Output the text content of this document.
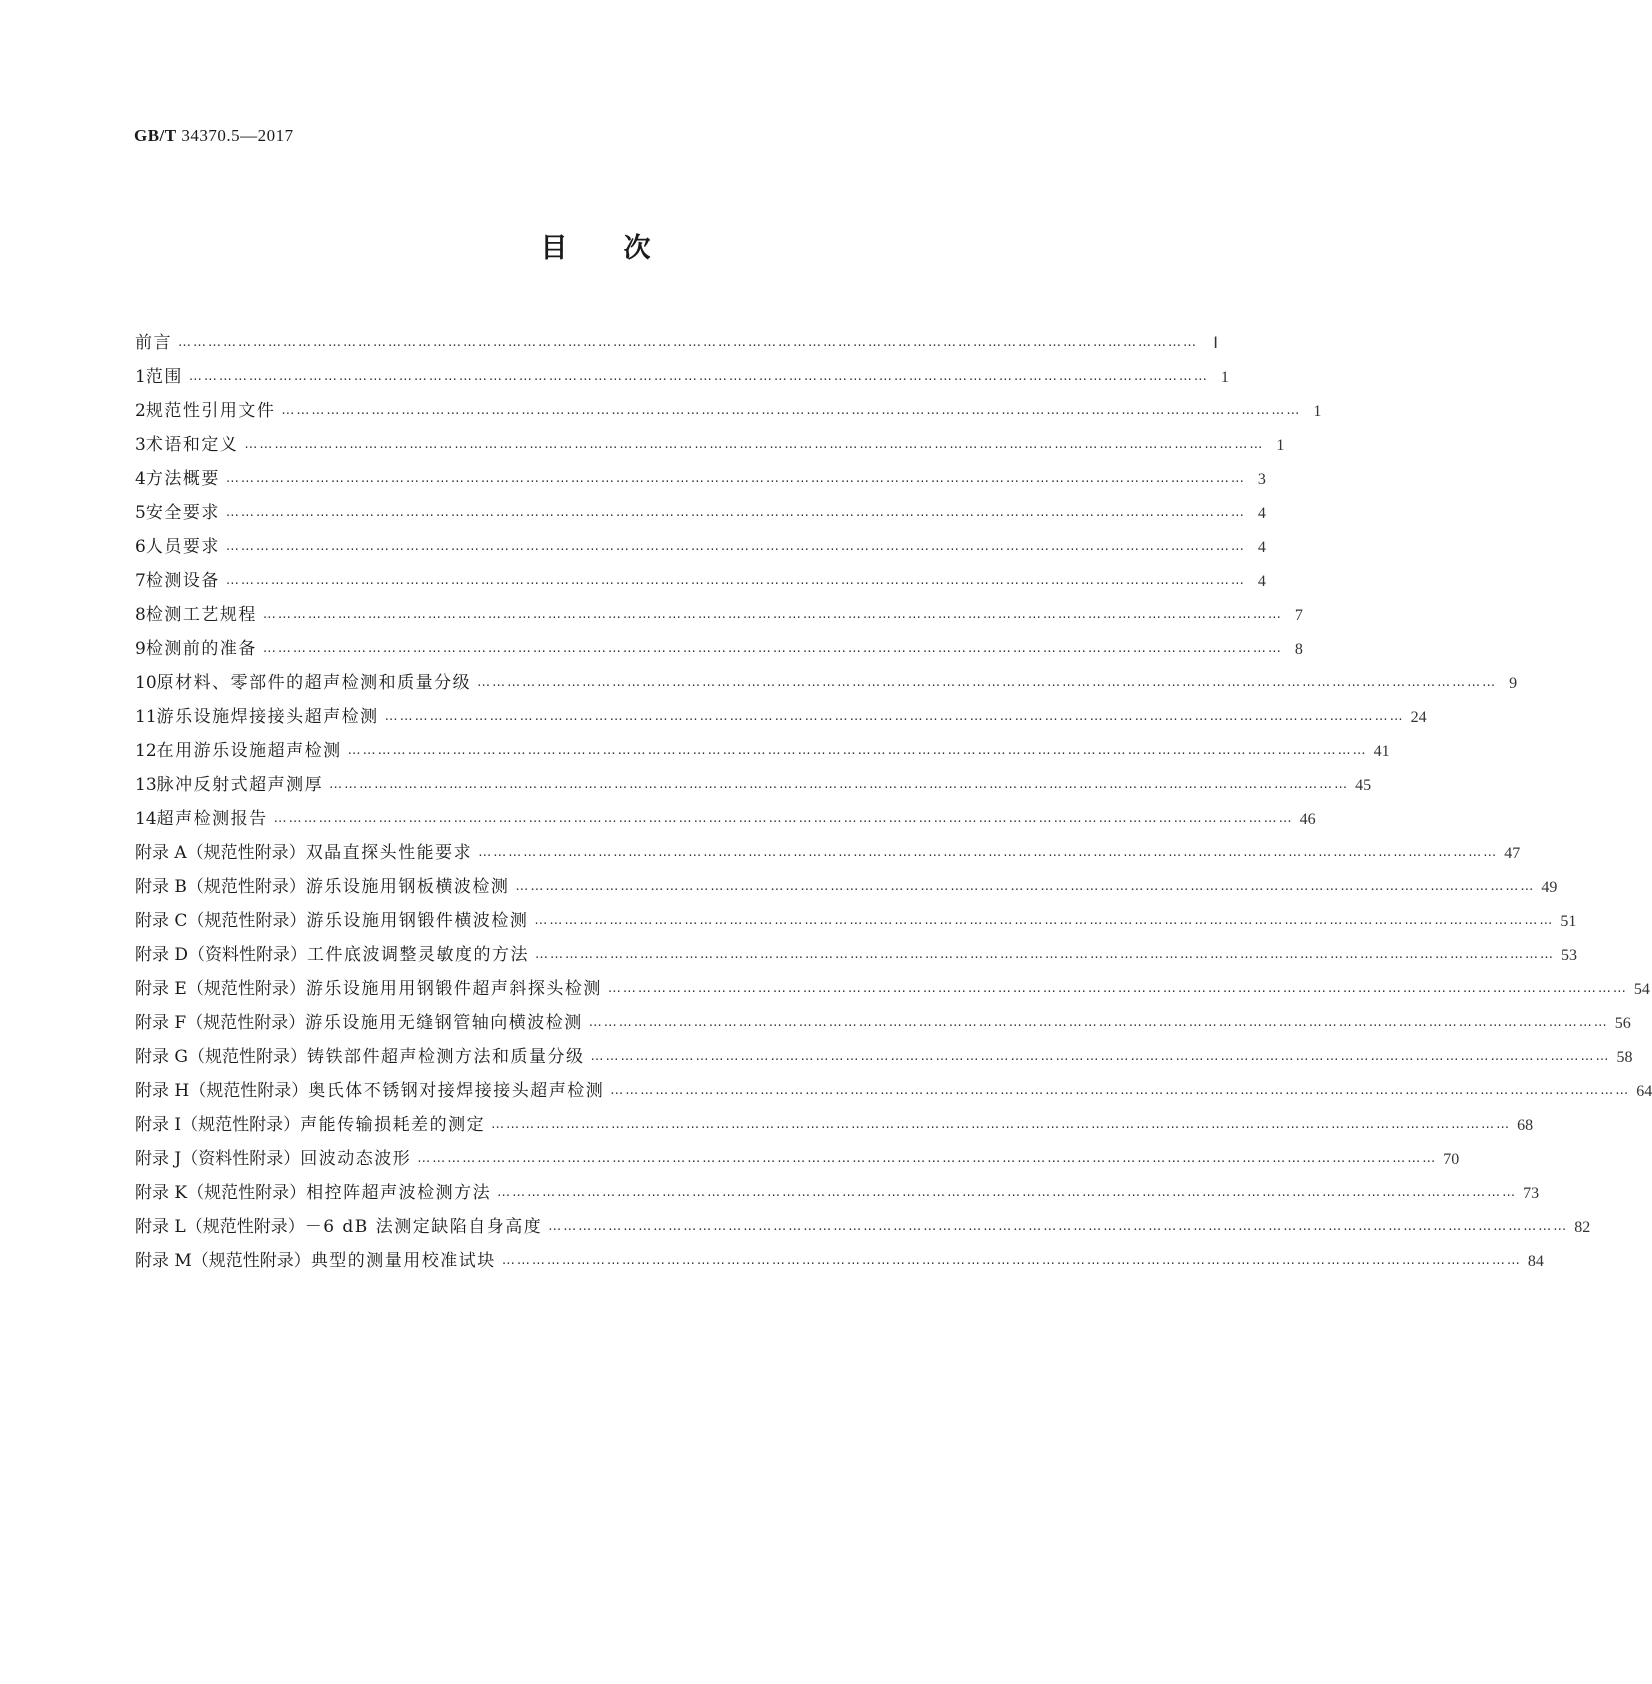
GB/T 34370.5—2017
目 次
前言 …………………………………………………………………………………………………………………………………………………………………………………… Ⅰ
1 范围 …………………………………………………………………………………………………………………………………………………………………………………… 1
2 规范性引用文件 …………………………………………………………………………………………………………………………………………………………………………………… 1
3 术语和定义 …………………………………………………………………………………………………………………………………………………………………………………… 1
4 方法概要 …………………………………………………………………………………………………………………………………………………………………………………… 3
5 安全要求 …………………………………………………………………………………………………………………………………………………………………………………… 4
6 人员要求 …………………………………………………………………………………………………………………………………………………………………………………… 4
7 检测设备 …………………………………………………………………………………………………………………………………………………………………………………… 4
8 检测工艺规程 …………………………………………………………………………………………………………………………………………………………………………………… 7
9 检测前的准备 …………………………………………………………………………………………………………………………………………………………………………………… 8
10 原材料、零部件的超声检测和质量分级 …………………………………………………………………………………………………………………………………………………………………………………… 9
11 游乐设施焊接接头超声检测 …………………………………………………………………………………………………………………………………………………………………………………… 24
12 在用游乐设施超声检测 …………………………………………………………………………………………………………………………………………………………………………………… 41
13 脉冲反射式超声测厚 …………………………………………………………………………………………………………………………………………………………………………………… 45
14 超声检测报告 …………………………………………………………………………………………………………………………………………………………………………………… 46
附录 A（规范性附录） 双晶直探头性能要求 …………………………………………………………………………………………………………………………………………………………………………………… 47
附录 B（规范性附录） 游乐设施用钢板横波检测 …………………………………………………………………………………………………………………………………………………………………………………… 49
附录 C（规范性附录） 游乐设施用钢锻件横波检测 …………………………………………………………………………………………………………………………………………………………………………………… 51
附录 D（资料性附录） 工件底波调整灵敏度的方法 …………………………………………………………………………………………………………………………………………………………………………………… 53
附录 E（规范性附录） 游乐设施用用钢锻件超声斜探头检测 …………………………………………………………………………………………………………………………………………………………………………………… 54
附录 F（规范性附录） 游乐设施用无缝钢管轴向横波检测 …………………………………………………………………………………………………………………………………………………………………………………… 56
附录 G（规范性附录） 铸铁部件超声检测方法和质量分级 …………………………………………………………………………………………………………………………………………………………………………………… 58
附录 H（规范性附录） 奥氏体不锈钢对接焊接接头超声检测 …………………………………………………………………………………………………………………………………………………………………………………… 64
附录 I（规范性附录） 声能传输损耗差的测定 …………………………………………………………………………………………………………………………………………………………………………………… 68
附录 J（资料性附录） 回波动态波形 …………………………………………………………………………………………………………………………………………………………………………………… 70
附录 K（规范性附录） 相控阵超声波检测方法 …………………………………………………………………………………………………………………………………………………………………………………… 73
附录 L（规范性附录） －6 dB 法测定缺陷自身高度 …………………………………………………………………………………………………………………………………………………………………………………… 82
附录 M（规范性附录） 典型的测量用校准试块 …………………………………………………………………………………………………………………………………………………………………………………… 84
